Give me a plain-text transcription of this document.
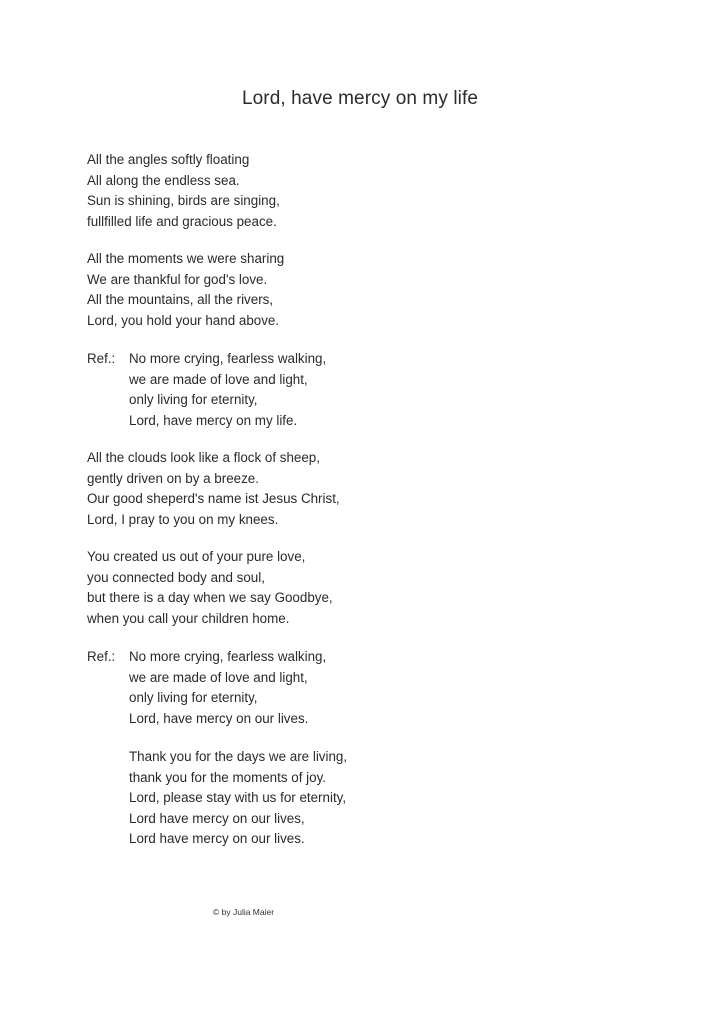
Lord, have mercy on my life
All the angles softly floating
All along the endless sea.
Sun is shining, birds are singing,
fullfilled life and gracious peace.
All the moments we were sharing
We are thankful for god's love.
All the mountains, all the rivers,
Lord, you hold your hand above.
Ref.: No more crying, fearless walking,
we are made of love and light,
only living for eternity,
Lord, have mercy on my life.
All the clouds look like a flock of sheep,
gently driven on by a breeze.
Our good sheperd's name ist Jesus Christ,
Lord, I pray to you on my knees.
You created us out of your pure love,
you connected body and soul,
but there is a day when we say Goodbye,
when you call your children home.
Ref.: No more crying, fearless walking,
we are made of love and light,
only living for eternity,
Lord, have mercy on our lives.
Thank you for the days we are living,
thank you for the moments of joy.
Lord, please stay with us for eternity,
Lord have mercy on our lives,
Lord have mercy on our lives.
© by Julia Maier
